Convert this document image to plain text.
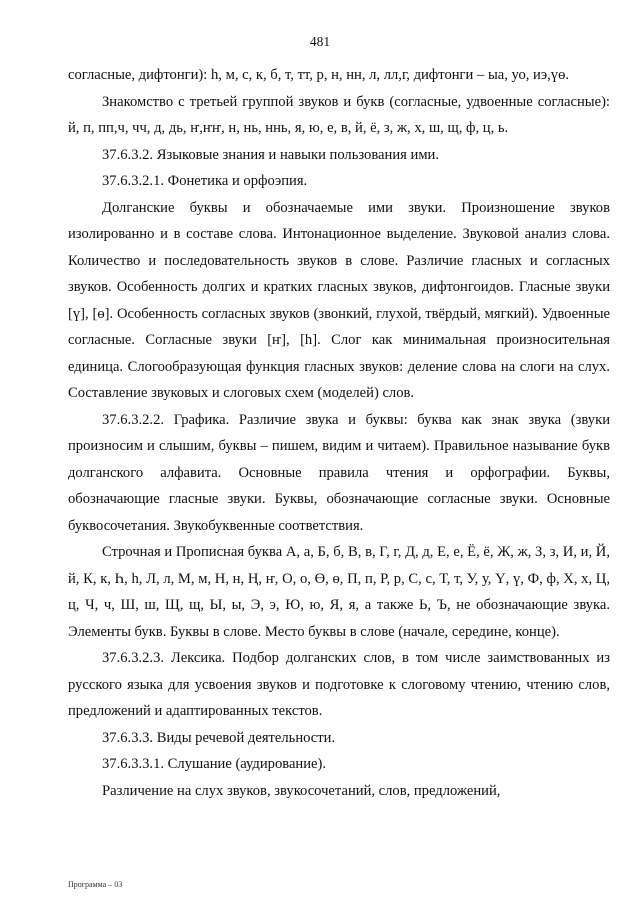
481

согласные, дифтонги): һ, м, с, к, б, т, тт, р, н, нн, л, лл,г, дифтонги – ыа, уо, иэ,үө.

Знакомство с третьей группой звуков и букв (согласные, удвоенные согласные): й, п, пп,ч, чч, д, дь, ҥ,ҥҥ, н, нь, ннь, я, ю, е, в, й, ё, з, ж, х, ш, щ, ф, ц, ь.

37.6.3.2. Языковые знания и навыки пользования ими.

37.6.3.2.1. Фонетика и орфоэпия.

Долганские буквы и обозначаемые ими звуки. Произношение звуков изолированно и в составе слова. Интонационное выделение. Звуковой анализ слова. Количество и последовательность звуков в слове. Различие гласных и согласных звуков. Особенность долгих и кратких гласных звуков, дифтонгоидов. Гласные звуки [ү], [ө]. Особенность согласных звуков (звонкий, глухой, твёрдый, мягкий). Удвоенные согласные. Согласные звуки [ҥ], [h]. Слог как минимальная произносительная единица. Слогообразующая функция гласных звуков: деление слова на слоги на слух. Составление звуковых и слоговых схем (моделей) слов.

37.6.3.2.2. Графика. Различие звука и буквы: буква как знак звука (звуки произносим и слышим, буквы – пишем, видим и читаем). Правильное называние букв долганского алфавита. Основные правила чтения и орфографии. Буквы, обозначающие гласные звуки. Буквы, обозначающие согласные звуки. Основные буквосочетания. Звукобуквенные соответствия.

Строчная и Прописная буква А, а, Б, б, В, в, Г, г, Д, д, Е, е, Ё, ё, Ж, ж, З, з, И, и, Й, й, К, к, Һ, һ, Л, л, М, м, Н, н, Ң, ҥ, О, о, Ө, ө, П, п, Р, р, С, с, Т, т, У, у, Ү, ү, Ф, ф, Х, х, Ц, ц, Ч, ч, Ш, ш, Щ, щ, Ы, ы, Э, э, Ю, ю, Я, я, а также Ь, Ъ, не обозначающие звука. Элементы букв. Буквы в слове. Место буквы в слове (начале, середине, конце).

37.6.3.2.3. Лексика. Подбор долганских слов, в том числе заимствованных из русского языка для усвоения звуков и подготовке к слоговому чтению, чтению слов, предложений и адаптированных текстов.

37.6.3.3. Виды речевой деятельности.

37.6.3.3.1. Слушание (аудирование).

Различение на слух звуков, звукосочетаний, слов, предложений,

Программа – 03
